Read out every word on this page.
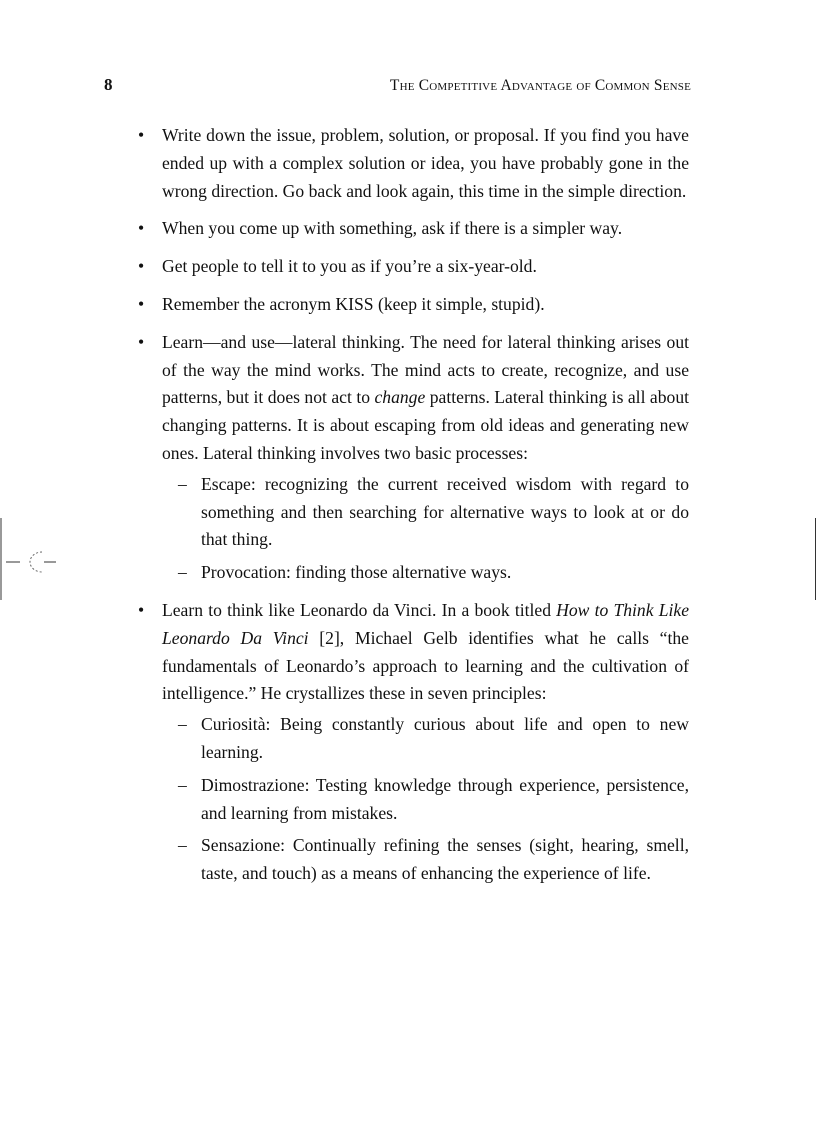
8	The Competitive Advantage of Common Sense
• Write down the issue, problem, solution, or proposal. If you find you have ended up with a complex solution or idea, you have probably gone in the wrong direction. Go back and look again, this time in the simple direction.
• When you come up with something, ask if there is a simpler way.
• Get people to tell it to you as if you’re a six-year-old.
• Remember the acronym KISS (keep it simple, stupid).
• Learn—and use—lateral thinking. The need for lateral thinking arises out of the way the mind works. The mind acts to create, recognize, and use patterns, but it does not act to change patterns. Lateral thinking is all about changing patterns. It is about escaping from old ideas and generating new ones. Lateral thinking involves two basic processes:
– Escape: recognizing the current received wisdom with regard to something and then searching for alternative ways to look at or do that thing.
– Provocation: finding those alternative ways.
• Learn to think like Leonardo da Vinci. In a book titled How to Think Like Leonardo Da Vinci [2], Michael Gelb identifies what he calls “the fundamentals of Leonardo’s approach to learning and the cultivation of intelligence.” He crystallizes these in seven principles:
– Curiosità: Being constantly curious about life and open to new learning.
– Dimostrazione: Testing knowledge through experience, persistence, and learning from mistakes.
– Sensazione: Continually refining the senses (sight, hearing, smell, taste, and touch) as a means of enhancing the experience of life.
